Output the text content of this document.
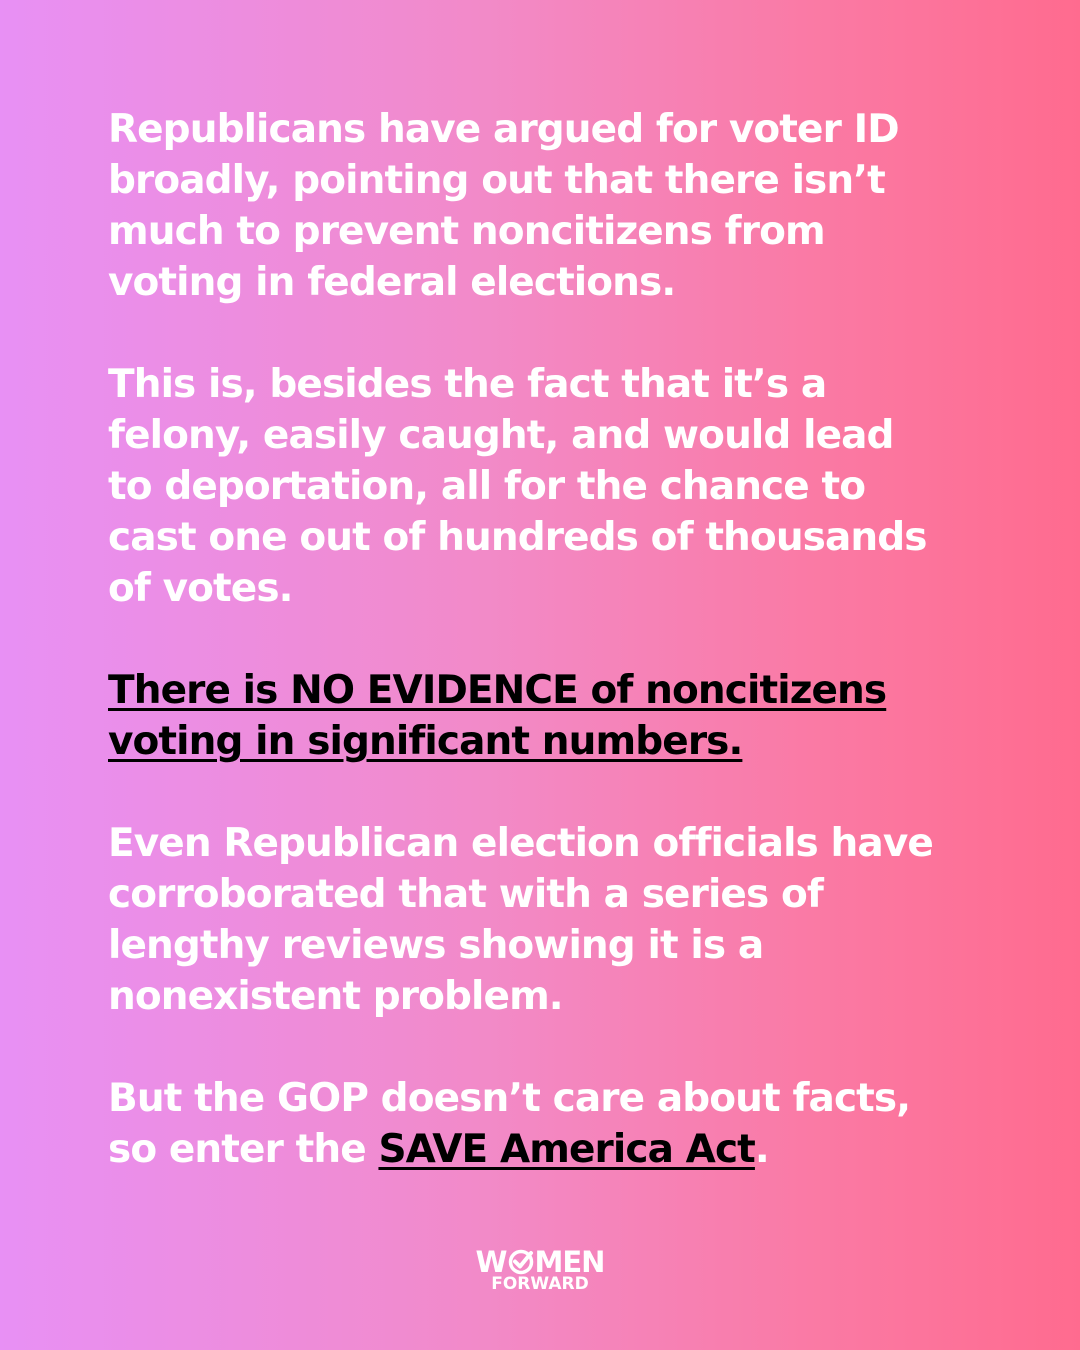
Republicans have argued for voter ID
broadly, pointing out that there isn’t
much to prevent noncitizens from
voting in federal elections.

This is, besides the fact that it’s a
felony, easily caught, and would lead
to deportation, all for the chance to
cast one out of hundreds of thousands
of votes.

There is NO EVIDENCE of noncitizens
voting in significant numbers.

Even Republican election officials have
corroborated that with a series of
lengthy reviews showing it is a
nonexistent problem.

But the GOP doesn’t care about facts,
so enter the SAVE America Act.

W MEN
FORWARD
